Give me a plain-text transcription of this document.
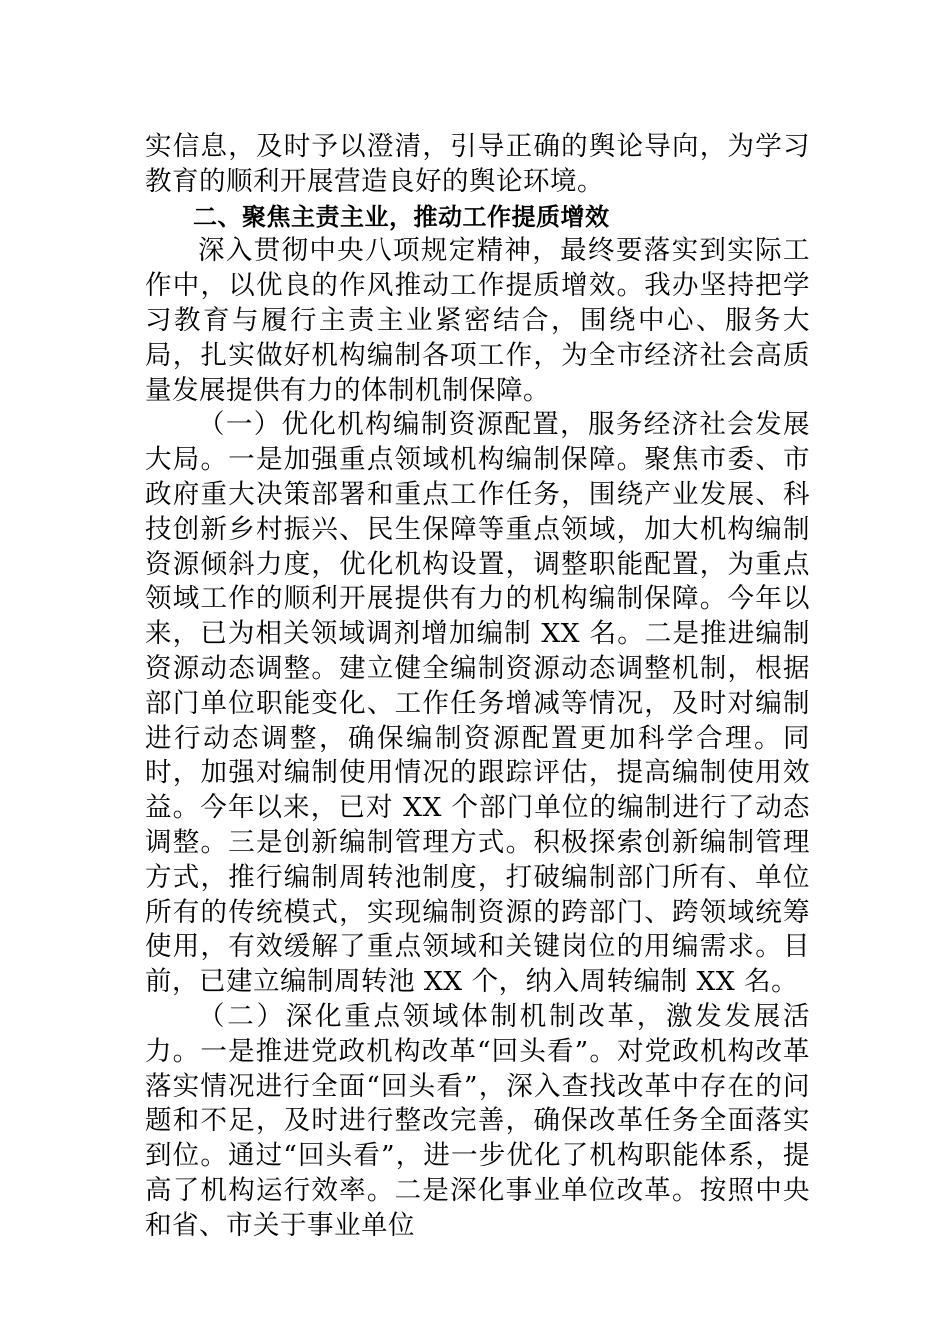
实信息，及时予以澄清，引导正确的舆论导向，为学习教育的顺利开展营造良好的舆论环境。

二、聚焦主责主业，推动工作提质增效

深入贯彻中央八项规定精神，最终要落实到实际工作中，以优良的作风推动工作提质增效。我办坚持把学习教育与履行主责主业紧密结合，围绕中心、服务大局，扎实做好机构编制各项工作，为全市经济社会高质量发展提供有力的体制机制保障。

（一）优化机构编制资源配置，服务经济社会发展大局。一是加强重点领域机构编制保障。聚焦市委、市政府重大决策部署和重点工作任务，围绕产业发展、科技创新乡村振兴、民生保障等重点领域，加大机构编制资源倾斜力度，优化机构设置，调整职能配置，为重点领域工作的顺利开展提供有力的机构编制保障。今年以来，已为相关领域调剂增加编制 XX 名。二是推进编制资源动态调整。建立健全编制资源动态调整机制，根据部门单位职能变化、工作任务增减等情况，及时对编制进行动态调整，确保编制资源配置更加科学合理。同时，加强对编制使用情况的跟踪评估，提高编制使用效益。今年以来，已对 XX 个部门单位的编制进行了动态调整。三是创新编制管理方式。积极探索创新编制管理方式，推行编制周转池制度，打破编制部门所有、单位所有的传统模式，实现编制资源的跨部门、跨领域统筹使用，有效缓解了重点领域和关键岗位的用编需求。目前，已建立编制周转池 XX 个，纳入周转编制 XX 名。

（二）深化重点领域体制机制改革，激发发展活力。一是推进党政机构改革“回头看”。对党政机构改革落实情况进行全面“回头看”，深入查找改革中存在的问题和不足，及时进行整改完善，确保改革任务全面落实到位。通过“回头看”，进一步优化了机构职能体系，提高了机构运行效率。二是深化事业单位改革。按照中央和省、市关于事业单位
